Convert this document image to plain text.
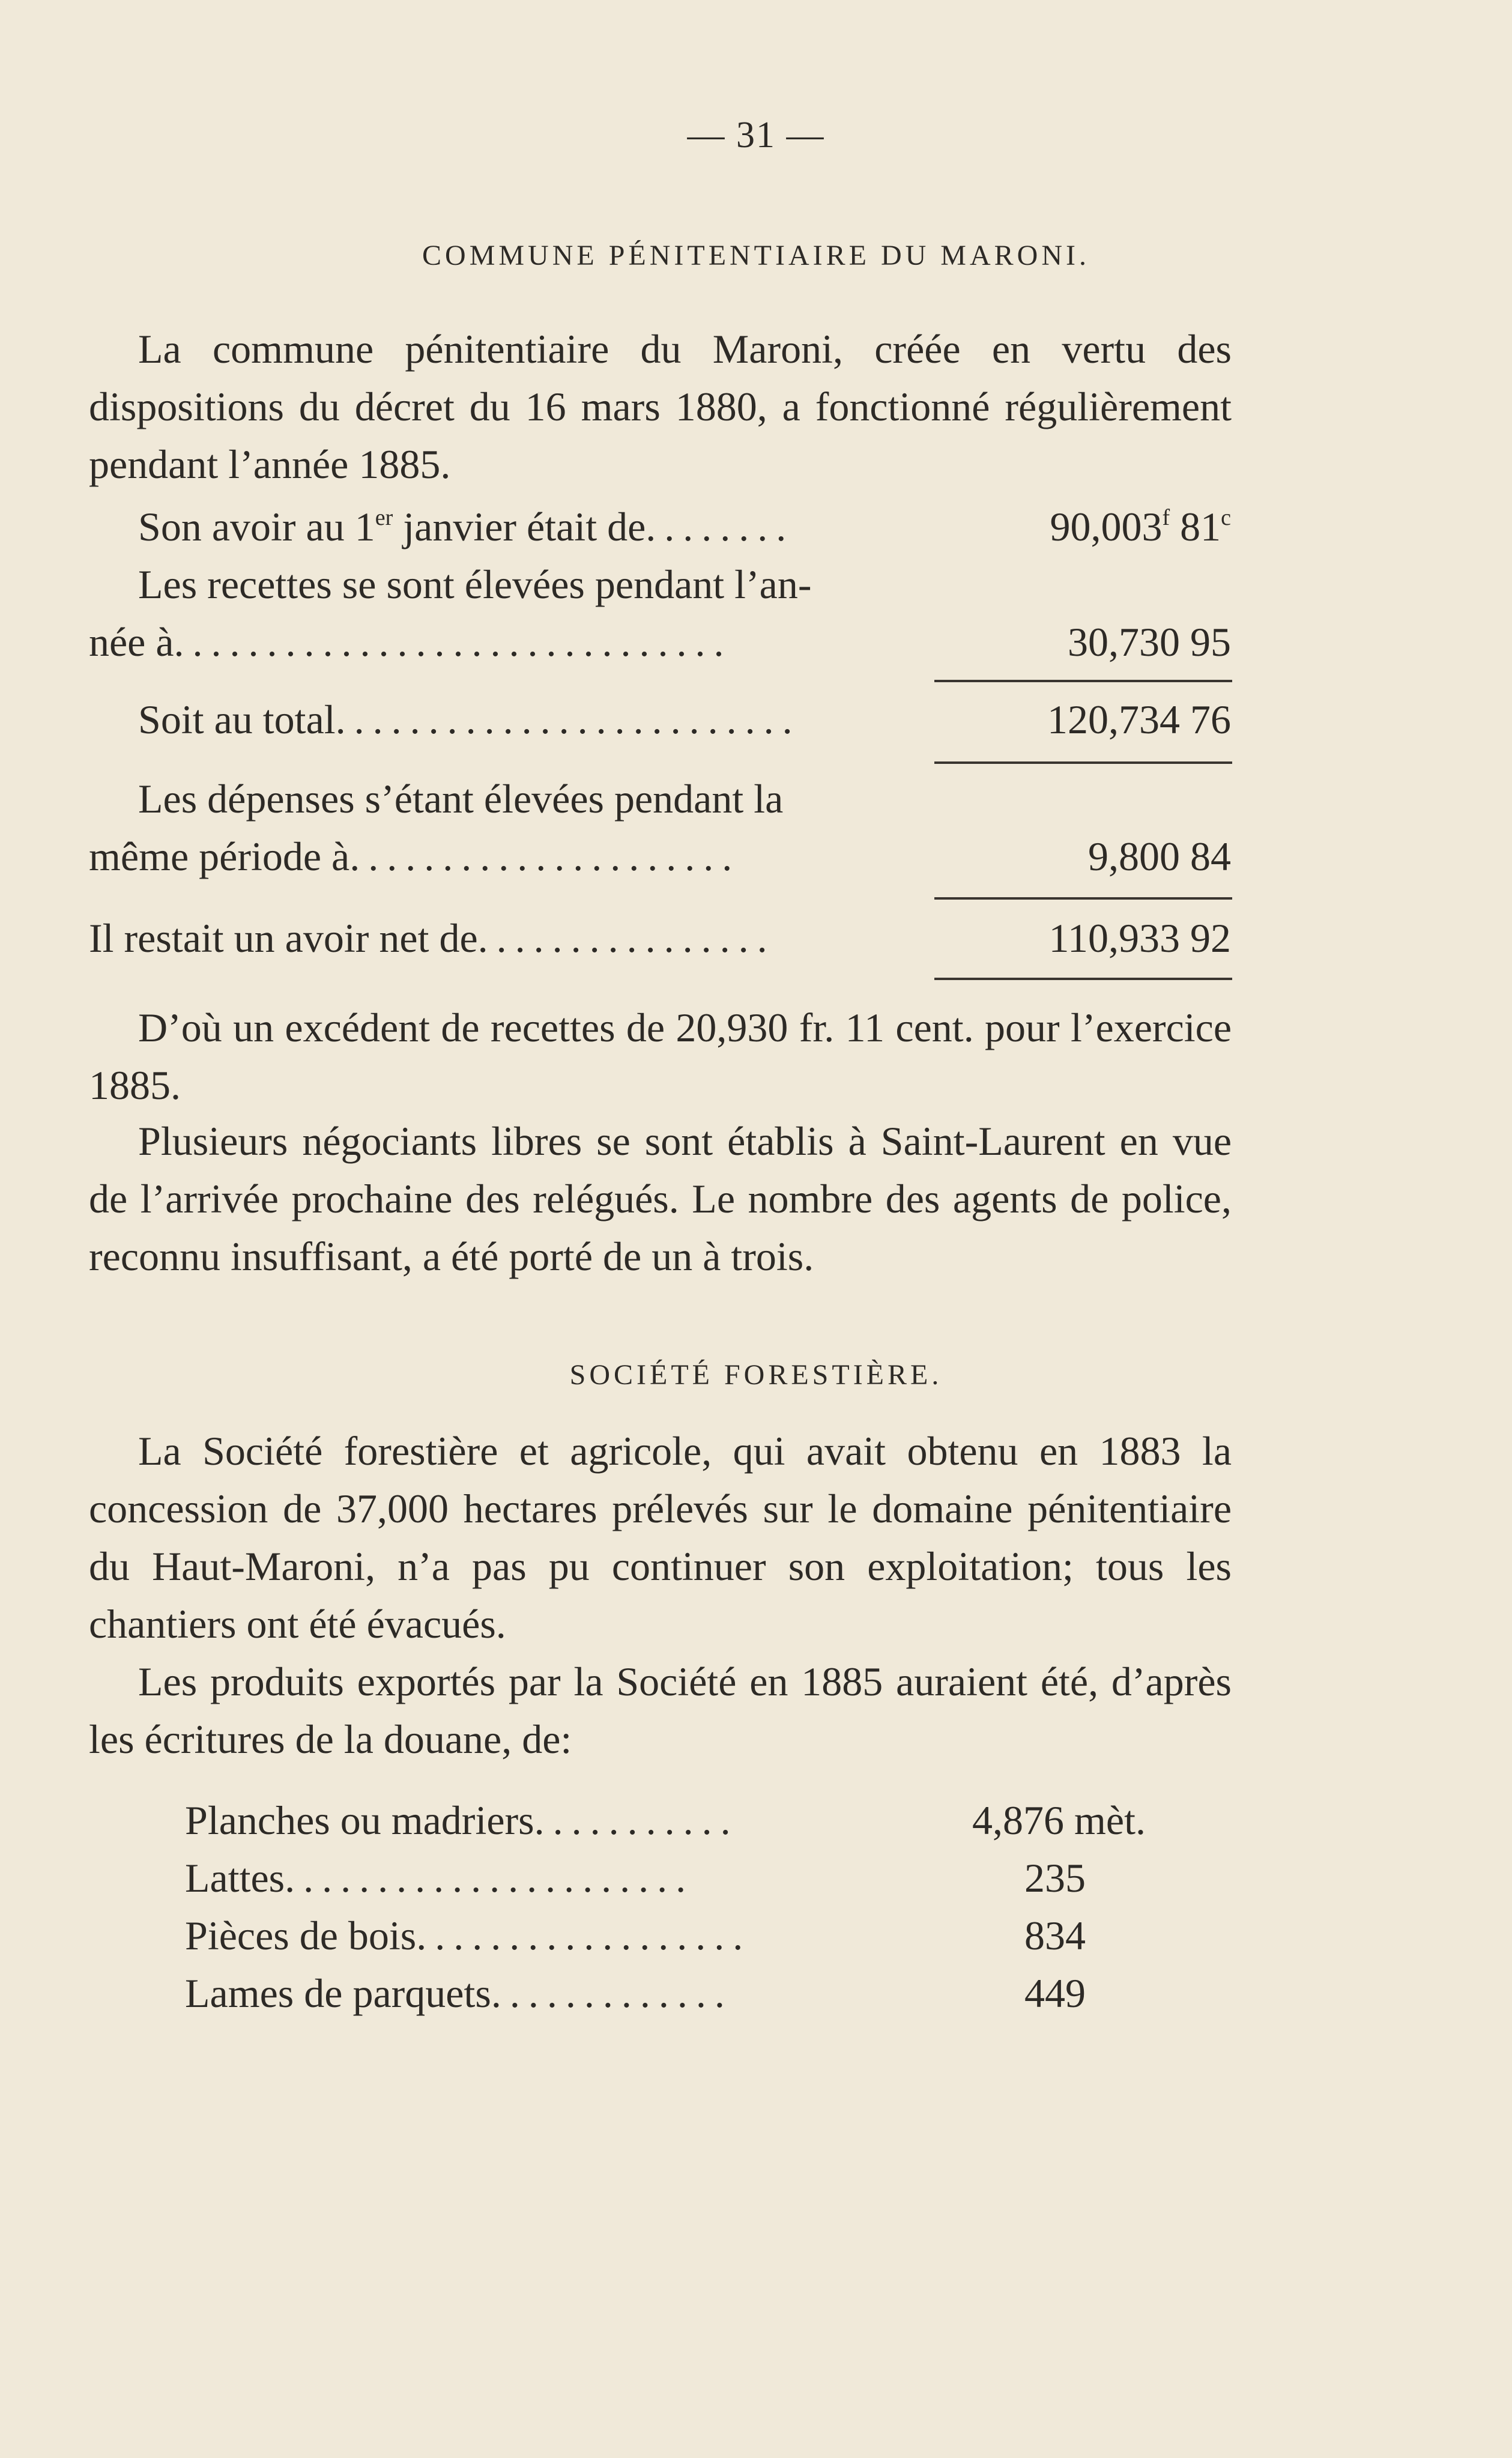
— 31 —
COMMUNE PÉNITENTIAIRE DU MARONI.

La commune pénitentiaire du Maroni, créée en vertu des dispositions du décret du 16 mars 1880, a fonctionné régulièrement pendant l’année 1885.

Son avoir au 1er janvier était de........	90,003$^f$ 81$^c$
Les recettes se sont élevées pendant l’an-
née à..............................	30,730 95
Soit au total.........................	120,734 76
Les dépenses s’étant élevées pendant la
même période à.....................	9,800 84
Il restait un avoir net de................	110,933 92

D’où un excédent de recettes de 20,930 fr. 11 cent. pour l’exercice 1885.

Plusieurs négociants libres se sont établis à Saint-Laurent en vue de l’arrivée prochaine des relégués. Le nombre des agents de police, reconnu insuffisant, a été porté de un à trois.

SOCIÉTÉ FORESTIÈRE.

La Société forestière et agricole, qui avait obtenu en 1883 la concession de 37,000 hectares prélevés sur le domaine pénitentiaire du Haut-Maroni, n’a pas pu continuer son exploitation; tous les chantiers ont été évacués.

Les produits exportés par la Société en 1885 auraient été, d’après les écritures de la douane, de:

Planches ou madriers...........	4,876 mèt.
Lattes......................	235
Pièces de bois..................	834
Lames de parquets.............	449
